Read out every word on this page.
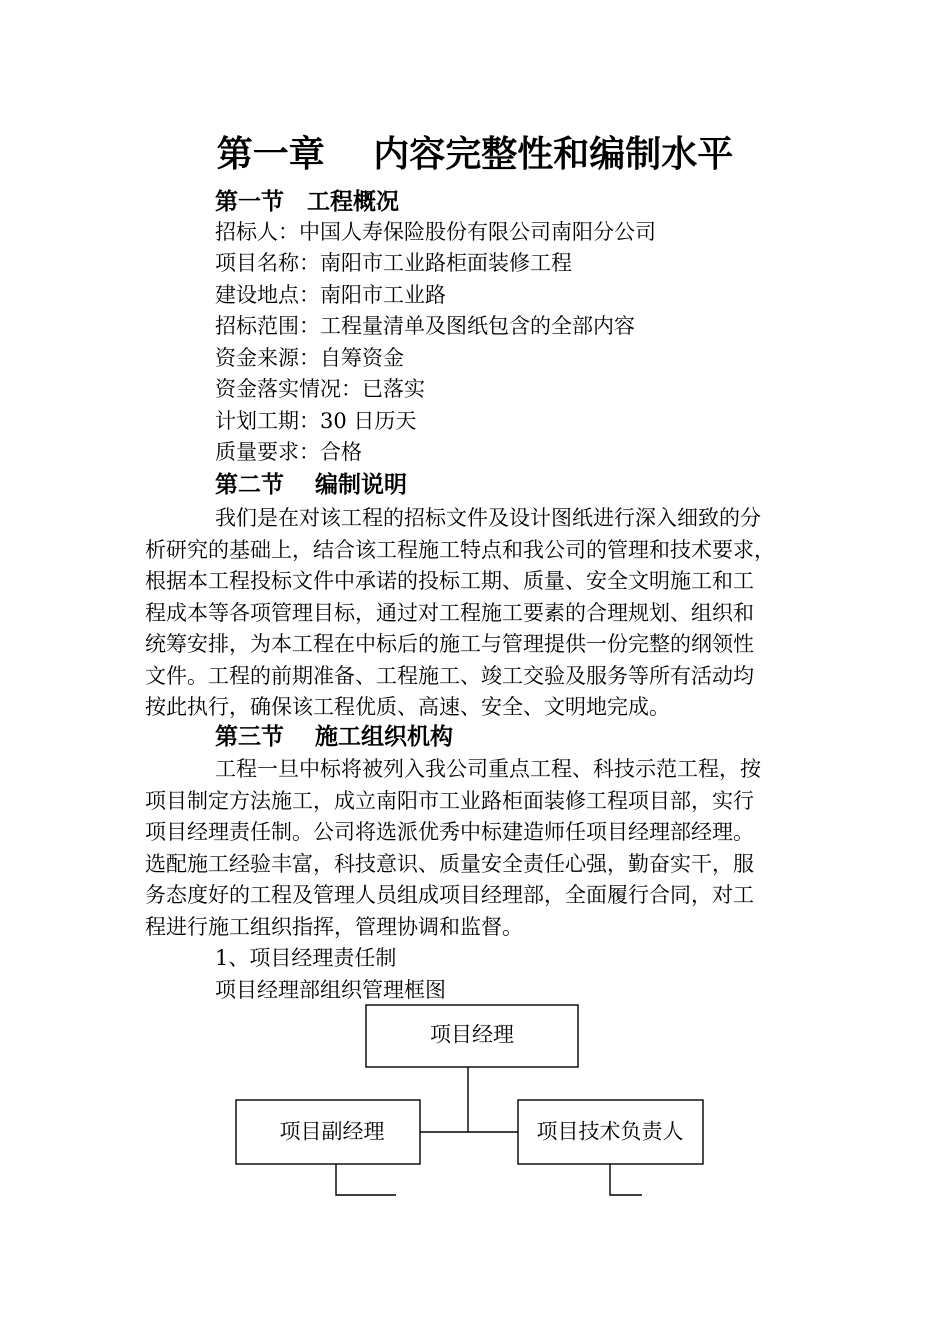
第一章　 内容完整性和编制水平
第一节　工程概况
招标人：中国人寿保险股份有限公司南阳分公司
项目名称：南阳市工业路柜面装修工程
建设地点：南阳市工业路
招标范围：工程量清单及图纸包含的全部内容
资金来源：自筹资金
资金落实情况：已落实
计划工期：30 日历天
质量要求：合格
第二节　 编制说明
我们是在对该工程的招标文件及设计图纸进行深入细致的分
析研究的基础上，结合该工程施工特点和我公司的管理和技术要求，
根据本工程投标文件中承诺的投标工期、质量、安全文明施工和工
程成本等各项管理目标，通过对工程施工要素的合理规划、组织和
统筹安排，为本工程在中标后的施工与管理提供一份完整的纲领性
文件。工程的前期准备、工程施工、竣工交验及服务等所有活动均
按此执行，确保该工程优质、高速、安全、文明地完成。
第三节　 施工组织机构
工程一旦中标将被列入我公司重点工程、科技示范工程，按
项目制定方法施工，成立南阳市工业路柜面装修工程项目部，实行
项目经理责任制。公司将选派优秀中标建造师任项目经理部经理。
选配施工经验丰富，科技意识、质量安全责任心强，勤奋实干，服
务态度好的工程及管理人员组成项目经理部，全面履行合同，对工
程进行施工组织指挥，管理协调和监督。
1、项目经理责任制
项目经理部组织管理框图
项目经理
项目副经理	项目技术负责人
